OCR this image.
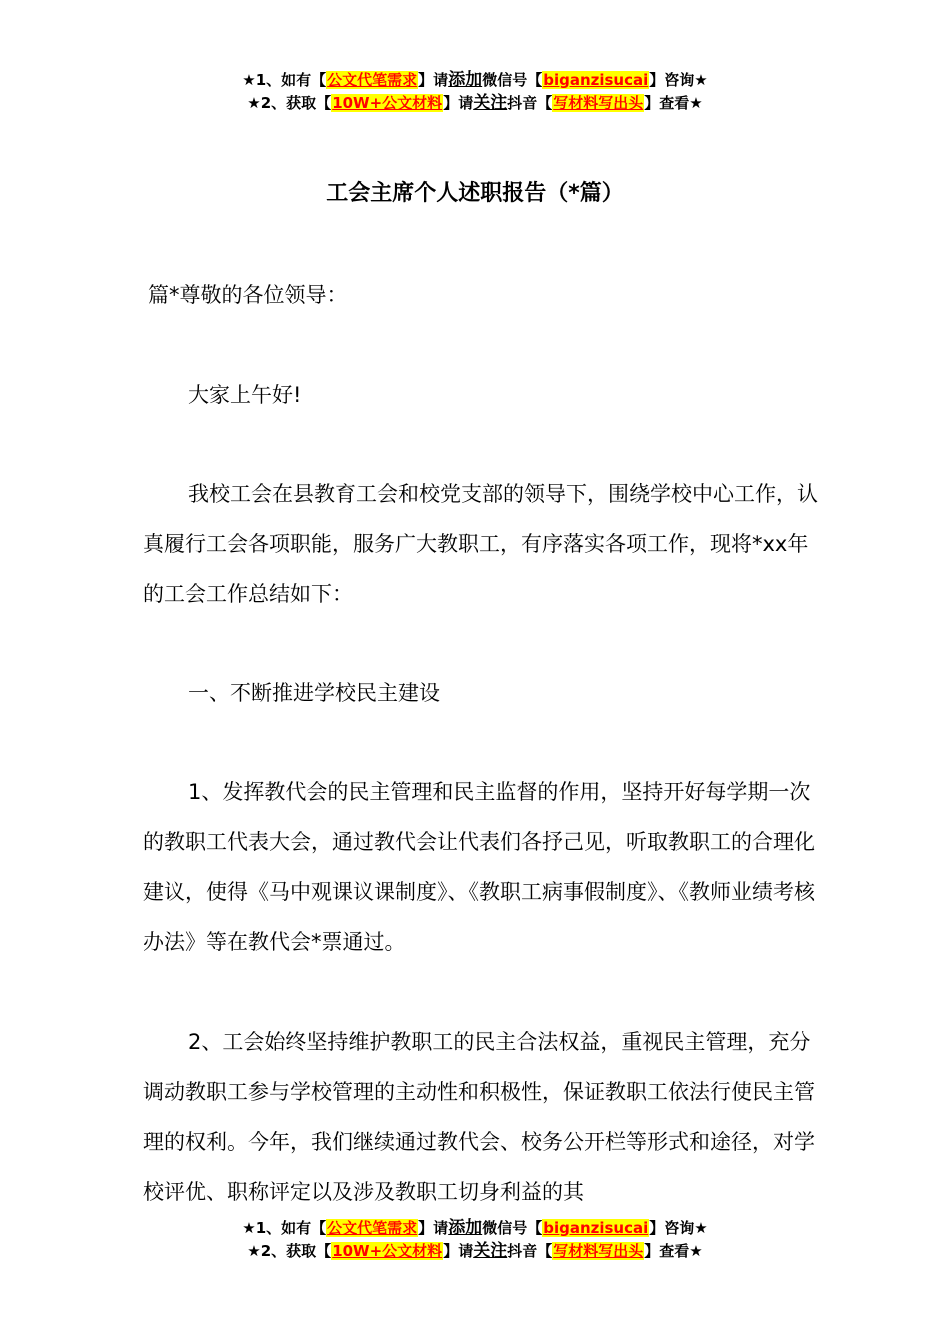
★1、如有【公文代笔需求】请添加微信号【biganzisucai】咨询★
★2、获取【10W+公文材料】请关注抖音【写材料写出头】查看★
工会主席个人述职报告（*篇）

篇*尊敬的各位领导：

大家上午好!

我校工会在县教育工会和校党支部的领导下，围绕学校中心工作，认真履行工会各项职能，服务广大教职工，有序落实各项工作，现将*xx年的工会工作总结如下：

一、不断推进学校民主建设

1、发挥教代会的民主管理和民主监督的作用，坚持开好每学期一次的教职工代表大会，通过教代会让代表们各抒己见，听取教职工的合理化建议，使得《马中观课议课制度》、《教职工病事假制度》、《教师业绩考核办法》等在教代会*票通过。

2、工会始终坚持维护教职工的民主合法权益，重视民主管理，充分调动教职工参与学校管理的主动性和积极性，保证教职工依法行使民主管理的权利。今年，我们继续通过教代会、校务公开栏等形式和途径，对学校评优、职称评定以及涉及教职工切身利益的其

★1、如有【公文代笔需求】请添加微信号【biganzisucai】咨询★
★2、获取【10W+公文材料】请关注抖音【写材料写出头】查看★
